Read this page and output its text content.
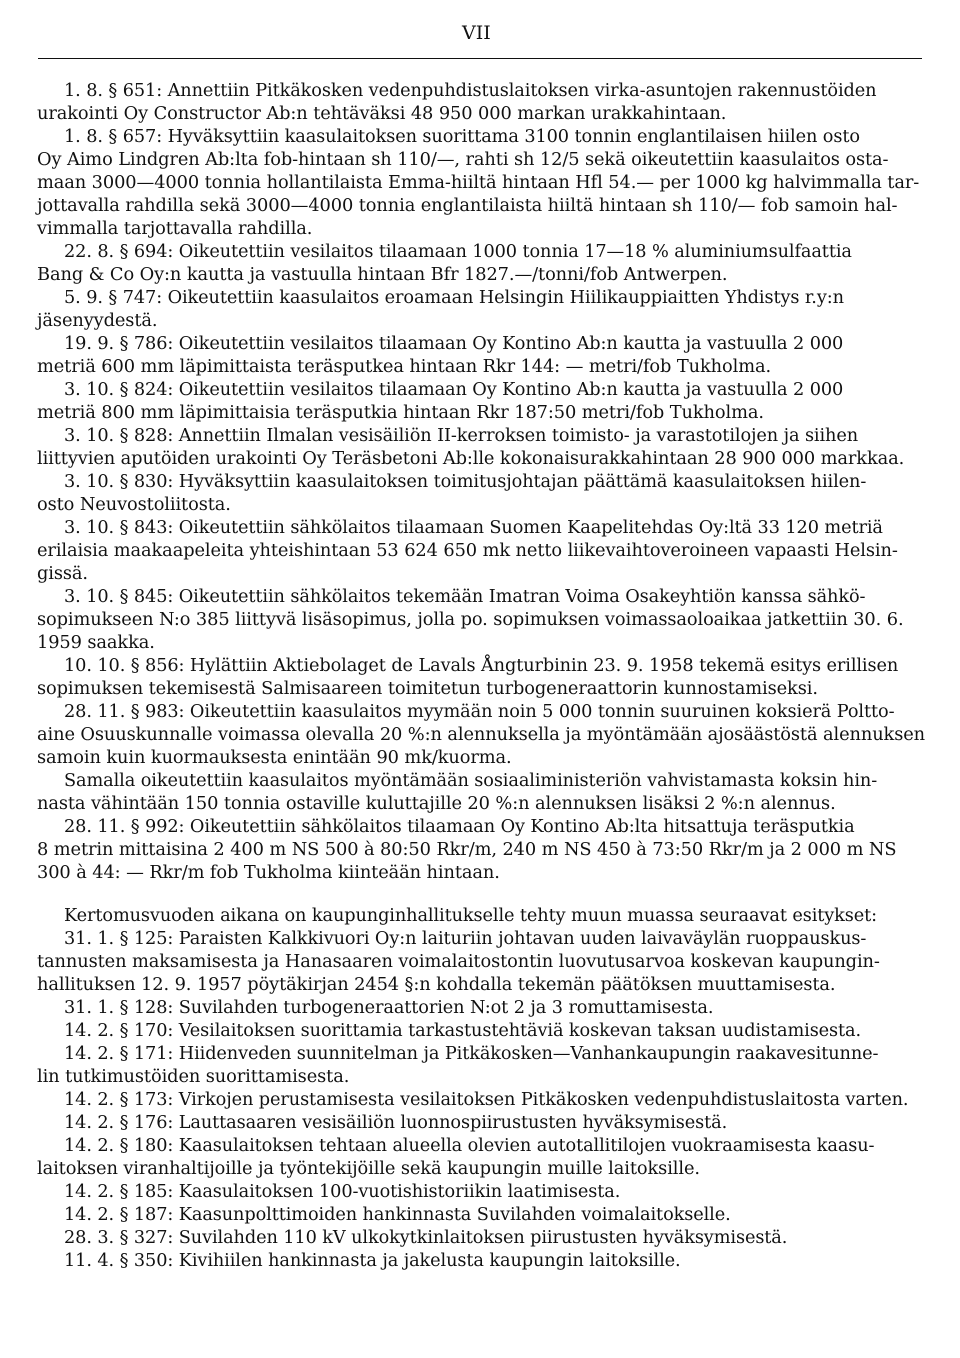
VII
1. 8. § 651: Annettiin Pitkäkosken vedenpuhdistuslaitoksen virka-asuntojen rakennustöiden
urakointi Oy Constructor Ab:n tehtäväksi 48 950 000 markan urakkahintaan.
1. 8. § 657: Hyväksyttiin kaasulaitoksen suorittama 3100 tonnin englantilaisen hiilen osto
Oy Aimo Lindgren Ab:lta fob-hintaan sh 110/—, rahti sh 12/5 sekä oikeutettiin kaasulaitos osta-
maan 3000—4000 tonnia hollantilaista Emma-hiiltä hintaan Hfl 54.— per 1000 kg halvimmalla tar-
jottavalla rahdilla sekä 3000—4000 tonnia englantilaista hiiltä hintaan sh 110/— fob samoin hal-
vimmalla tarjottavalla rahdilla.
22. 8. § 694: Oikeutettiin vesilaitos tilaamaan 1000 tonnia 17—18 % aluminiumsulfaattia
Bang & Co Oy:n kautta ja vastuulla hintaan Bfr 1827.—/tonni/fob Antwerpen.
5. 9. § 747: Oikeutettiin kaasulaitos eroamaan Helsingin Hiilikauppiaitten Yhdistys r.y:n
jäsenyydestä.
19. 9. § 786: Oikeutettiin vesilaitos tilaamaan Oy Kontino Ab:n kautta ja vastuulla 2 000
metriä 600 mm läpimittaista teräsputkea hintaan Rkr 144: — metri/fob Tukholma.
3. 10. § 824: Oikeutettiin vesilaitos tilaamaan Oy Kontino Ab:n kautta ja vastuulla 2 000
metriä 800 mm läpimittaisia teräsputkia hintaan Rkr 187:50 metri/fob Tukholma.
3. 10. § 828: Annettiin Ilmalan vesisäiliön II-kerroksen toimisto- ja varastotilojen ja siihen
liittyvien aputöiden urakointi Oy Teräsbetoni Ab:lle kokonaisurakkahintaan 28 900 000 markkaa.
3. 10. § 830: Hyväksyttiin kaasulaitoksen toimitusjohtajan päättämä kaasulaitoksen hiilen-
osto Neuvostoliitosta.
3. 10. § 843: Oikeutettiin sähkölaitos tilaamaan Suomen Kaapelitehdas Oy:ltä 33 120 metriä
erilaisia maakaapeleita yhteishintaan 53 624 650 mk netto liikevaihtoveroineen vapaasti Helsin-
gissä.
3. 10. § 845: Oikeutettiin sähkölaitos tekemään Imatran Voima Osakeyhtiön kanssa sähkö-
sopimukseen N:o 385 liittyvä lisäsopimus, jolla po. sopimuksen voimassaoloaikaa jatkettiin 30. 6.
1959 saakka.
10. 10. § 856: Hylättiin Aktiebolaget de Lavals Ångturbinin 23. 9. 1958 tekemä esitys erillisen
sopimuksen tekemisestä Salmisaareen toimitetun turbogeneraattorin kunnostamiseksi.
28. 11. § 983: Oikeutettiin kaasulaitos myymään noin 5 000 tonnin suuruinen koksierä Poltto-
aine Osuuskunnalle voimassa olevalla 20 %:n alennuksella ja myöntämään ajosäästöstä alennuksen
samoin kuin kuormauksesta enintään 90 mk/kuorma.
Samalla oikeutettiin kaasulaitos myöntämään sosiaaliministeriön vahvistamasta koksin hin-
nasta vähintään 150 tonnia ostaville kuluttajille 20 %:n alennuksen lisäksi 2 %:n alennus.
28. 11. § 992: Oikeutettiin sähkölaitos tilaamaan Oy Kontino Ab:lta hitsattuja teräsputkia
8 metrin mittaisina 2 400 m NS 500 à 80:50 Rkr/m, 240 m NS 450 à 73:50 Rkr/m ja 2 000 m NS
300 à 44: — Rkr/m fob Tukholma kiinteään hintaan.
Kertomusvuoden aikana on kaupunginhallitukselle tehty muun muassa seuraavat esitykset:
31. 1. § 125: Paraisten Kalkkivuori Oy:n laituriin johtavan uuden laivaväylän ruoppauskus-
tannusten maksamisesta ja Hanasaaren voimalaitostontin luovutusarvoa koskevan kaupungin-
hallituksen 12. 9. 1957 pöytäkirjan 2454 §:n kohdalla tekemän päätöksen muuttamisesta.
31. 1. § 128: Suvilahden turbogeneraattorien N:ot 2 ja 3 romuttamisesta.
14. 2. § 170: Vesilaitoksen suorittamia tarkastustehtäviä koskevan taksan uudistamisesta.
14. 2. § 171: Hiidenveden suunnitelman ja Pitkäkosken—Vanhankaupungin raakavesitunne-
lin tutkimustöiden suorittamisesta.
14. 2. § 173: Virkojen perustamisesta vesilaitoksen Pitkäkosken vedenpuhdistuslaitosta varten.
14. 2. § 176: Lauttasaaren vesisäiliön luonnospiirustusten hyväksymisestä.
14. 2. § 180: Kaasulaitoksen tehtaan alueella olevien autotallitilojen vuokraamisesta kaasu-
laitoksen viranhaltijoille ja työntekijöille sekä kaupungin muille laitoksille.
14. 2. § 185: Kaasulaitoksen 100-vuotishistoriikin laatimisesta.
14. 2. § 187: Kaasunpolttimoiden hankinnasta Suvilahden voimalaitokselle.
28. 3. § 327: Suvilahden 110 kV ulkokytkinlaitoksen piirustusten hyväksymisestä.
11. 4. § 350: Kivihiilen hankinnasta ja jakelusta kaupungin laitoksille.
